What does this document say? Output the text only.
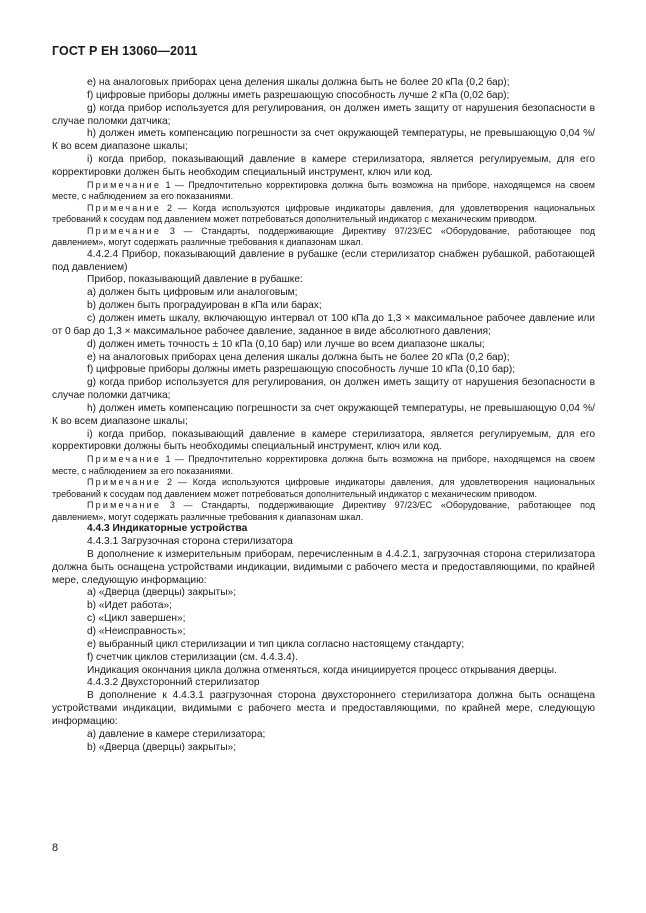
ГОСТ Р ЕН 13060—2011

е) на аналоговых приборах цена деления шкалы должна быть не более 20 кПа (0,2 бар);

f) цифровые приборы должны иметь разрешающую способность лучше 2 кПа (0,02 бар);

g) когда прибор используется для регулирования, он должен иметь защиту от нарушения безопасности в случае поломки датчика;

h) должен иметь компенсацию погрешности за счет окружающей температуры, не превышающую 0,04 %/К во всем диапазоне шкалы;

i) когда прибор, показывающий давление в камере стерилизатора, является регулируемым, для его корректировки должен быть необходим специальный инструмент, ключ или код.

Примечание 1 — Предпочтительно корректировка должна быть возможна на приборе, находящемся на своем месте, с наблюдением за его показаниями.

Примечание 2 — Когда используются цифровые индикаторы давления, для удовлетворения национальных требований к сосудам под давлением может потребоваться дополнительный индикатор с механическим приводом.

Примечание 3 — Стандарты, поддерживающие Директиву 97/23/ЕС «Оборудование, работающее под давлением», могут содержать различные требования к диапазонам шкал.

4.4.2.4 Прибор, показывающий давление в рубашке (если стерилизатор снабжен рубашкой, работающей под давлением)

Прибор, показывающий давление в рубашке:

а) должен быть цифровым или аналоговым;

b) должен быть проградуирован в кПа или барах;

с) должен иметь шкалу, включающую интервал от 100 кПа до 1,3 × максимальное рабочее давление или от 0 бар до 1,3 × максимальное рабочее давление, заданное в виде абсолютного давления;

d) должен иметь точность ± 10 кПа (0,10 бар) или лучше во всем диапазоне шкалы;

е) на аналоговых приборах цена деления шкалы должна быть не более 20 кПа (0,2 бар);

f) цифровые приборы должны иметь разрешающую способность лучше 10 кПа (0,10 бар);

g) когда прибор используется для регулирования, он должен иметь защиту от нарушения безопасности в случае поломки датчика;

h) должен иметь компенсацию погрешности за счет окружающей температуры, не превышающую 0,04 %/К во всем диапазоне шкалы;

i) когда прибор, показывающий давление в камере стерилизатора, является регулируемым, для его корректировки должны быть необходимы специальный инструмент, ключ или код.

Примечание 1 — Предпочтительно корректировка должна быть возможна на приборе, находящемся на своем месте, с наблюдением за его показаниями.

Примечание 2 — Когда используются цифровые индикаторы давления, для удовлетворения национальных требований к сосудам под давлением может потребоваться дополнительный индикатор с механическим приводом.

Примечание 3 — Стандарты, поддерживающие Директиву 97/23/ЕС «Оборудование, работающее под давлением», могут содержать различные требования к диапазонам шкал.

4.4.3 Индикаторные устройства

4.4.3.1 Загрузочная сторона стерилизатора

В дополнение к измерительным приборам, перечисленным в 4.4.2.1, загрузочная сторона стерилизатора должна быть оснащена устройствами индикации, видимыми с рабочего места и предоставляющими, по крайней мере, следующую информацию:

а) «Дверца (дверцы) закрыты»;

b) «Идет работа»;

с) «Цикл завершен»;

d) «Неисправность»;

е) выбранный цикл стерилизации и тип цикла согласно настоящему стандарту;

f) счетчик циклов стерилизации (см. 4.4.3.4).

Индикация окончания цикла должна отменяться, когда инициируется процесс открывания дверцы.

4.4.3.2 Двухсторонний стерилизатор

В дополнение к 4.4.3.1 разгрузочная сторона двухстороннего стерилизатора должна быть оснащена устройствами индикации, видимыми с рабочего места и предоставляющими, по крайней мере, следующую информацию:

а) давление в камере стерилизатора;

b) «Дверца (дверцы) закрыты»;

8
